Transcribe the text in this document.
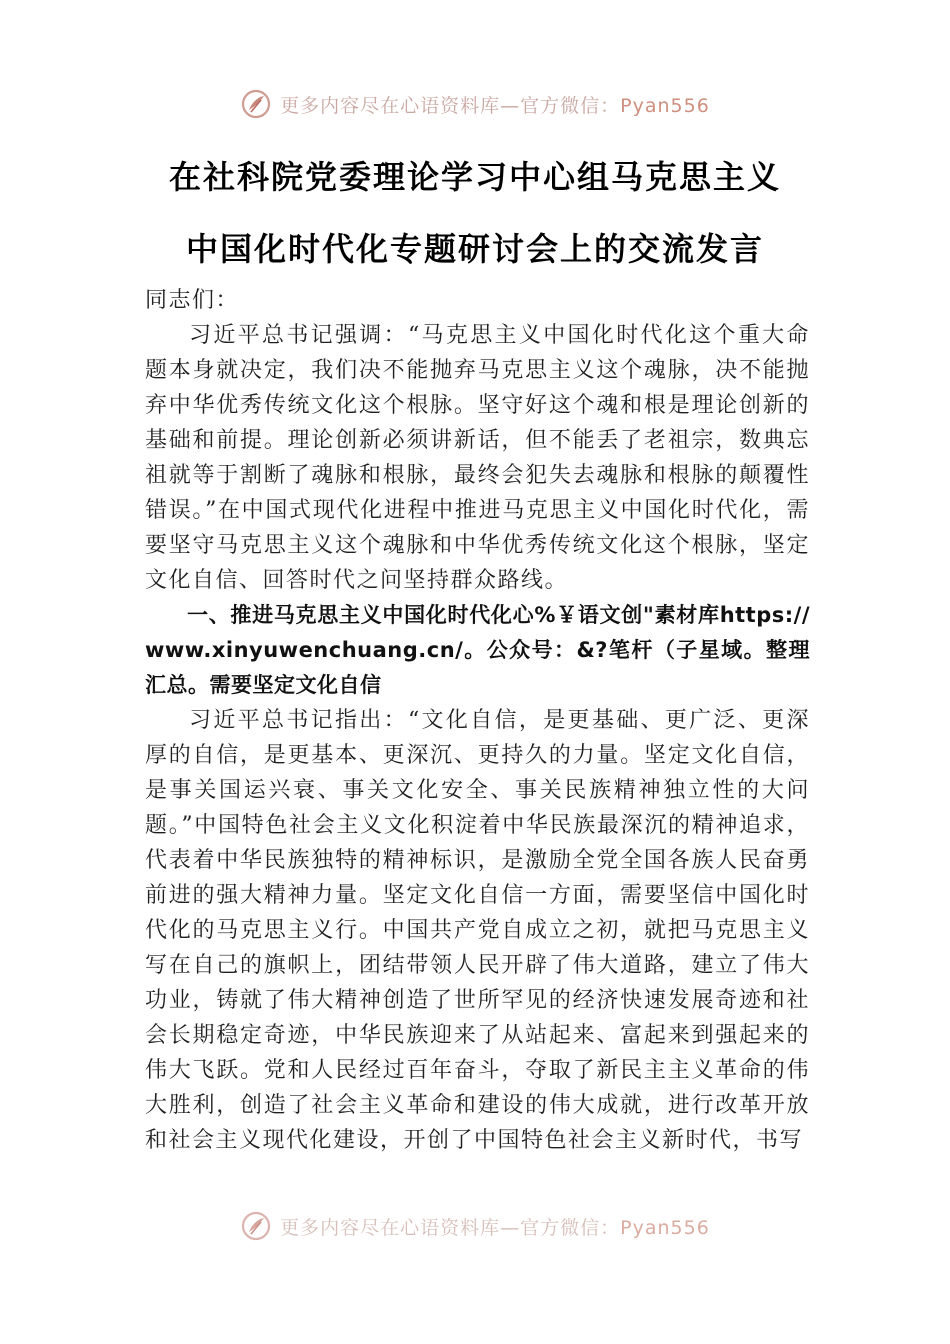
更多内容尽在心语资料库—官方微信：Pyan556
在社科院党委理论学习中心组马克思主义
中国化时代化专题研讨会上的交流发言

同志们：

习近平总书记强调：“马克思主义中国化时代化这个重大命题本身就决定，我们决不能抛弃马克思主义这个魂脉，决不能抛弃中华优秀传统文化这个根脉。坚守好这个魂和根是理论创新的基础和前提。理论创新必须讲新话，但不能丢了老祖宗，数典忘祖就等于割断了魂脉和根脉，最终会犯失去魂脉和根脉的颠覆性错误。”在中国式现代化进程中推进马克思主义中国化时代化，需要坚守马克思主义这个魂脉和中华优秀传统文化这个根脉，坚定文化自信、回答时代之问坚持群众路线。

一、推进马克思主义中国化时代化心%￥语文创"素材库https://www.xinyuwenchuang.cn/。公众号：&?笔杆（子星域。整理汇总。需要坚定文化自信

习近平总书记指出：“文化自信，是更基础、更广泛、更深厚的自信，是更基本、更深沉、更持久的力量。坚定文化自信，是事关国运兴衰、事关文化安全、事关民族精神独立性的大问题。”中国特色社会主义文化积淀着中华民族最深沉的精神追求，代表着中华民族独特的精神标识，是激励全党全国各族人民奋勇前进的强大精神力量。坚定文化自信一方面，需要坚信中国化时代化的马克思主义行。中国共产党自成立之初，就把马克思主义写在自己的旗帜上，团结带领人民开辟了伟大道路，建立了伟大功业，铸就了伟大精神创造了世所罕见的经济快速发展奇迹和社会长期稳定奇迹，中华民族迎来了从站起来、富起来到强起来的伟大飞跃。党和人民经过百年奋斗，夺取了新民主主义革命的伟大胜利，创造了社会主义革命和建设的伟大成就，进行改革开放和社会主义现代化建设，开创了中国特色社会主义新时代，书写

更多内容尽在心语资料库—官方微信：Pyan556
